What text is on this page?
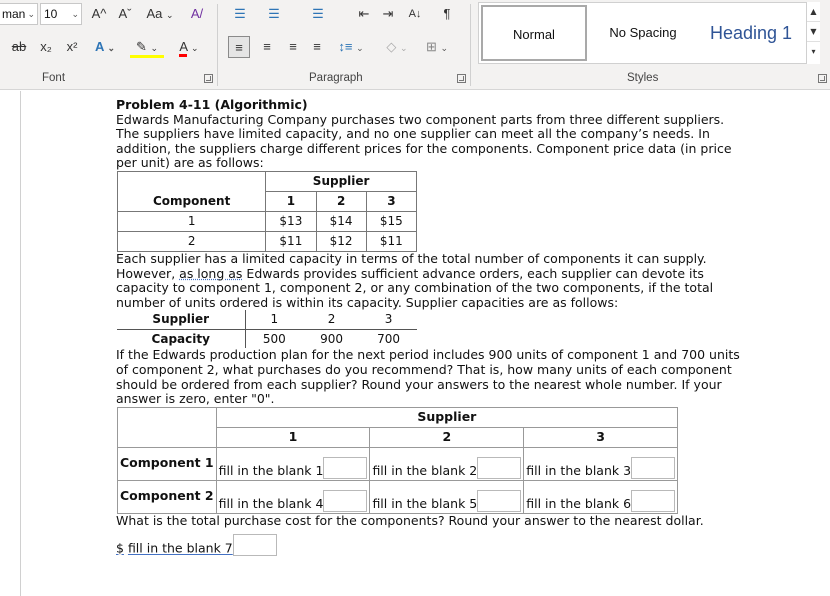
man ⌄ 10 ⌄ A^ Aˇ	Aa ⌄	A/	☰	☰	☰	⇤	⇥	A↓	¶
ab	x₂	x²	A ⌄	✎ ⌄	A ⌄	≡	≡	≡	≡	↕≡ ⌄	◇ ⌄	⊞ ⌄
Font	Paragraph	Styles
Normal	No Spacing	Heading 1
▲
▼
▾
Problem 4-11 (Algorithmic)
Edwards Manufacturing Company purchases two component parts from three different suppliers. The suppliers have limited capacity, and no one supplier can meet all the company’s needs. In addition, the suppliers charge different prices for the components. Component price data (in price per unit) are as follows:
	Supplier		
Component	1	2	3
1	$13	$14	$15
2	$11	$12	$11
Each supplier has a limited capacity in terms of the total number of components it can supply. However, as long as Edwards provides sufficient advance orders, each supplier can devote its capacity to component 1, component 2, or any combination of the two components, if the total number of units ordered is within its capacity. Supplier capacities are as follows:
Supplier	1	2	3
Capacity	500	900	700
If the Edwards production plan for the next period includes 900 units of component 1 and 700 units of component 2, what purchases do you recommend? That is, how many units of each component should be ordered from each supplier? Round your answers to the nearest whole number. If your answer is zero, enter "0".
	Supplier		
	1	2	3
Component 1	fill in the blank 1	fill in the blank 2	fill in the blank 3
Component 2	fill in the blank 4	fill in the blank 5	fill in the blank 6
What is the total purchase cost for the components? Round your answer to the nearest dollar.
$ fill in the blank 7
